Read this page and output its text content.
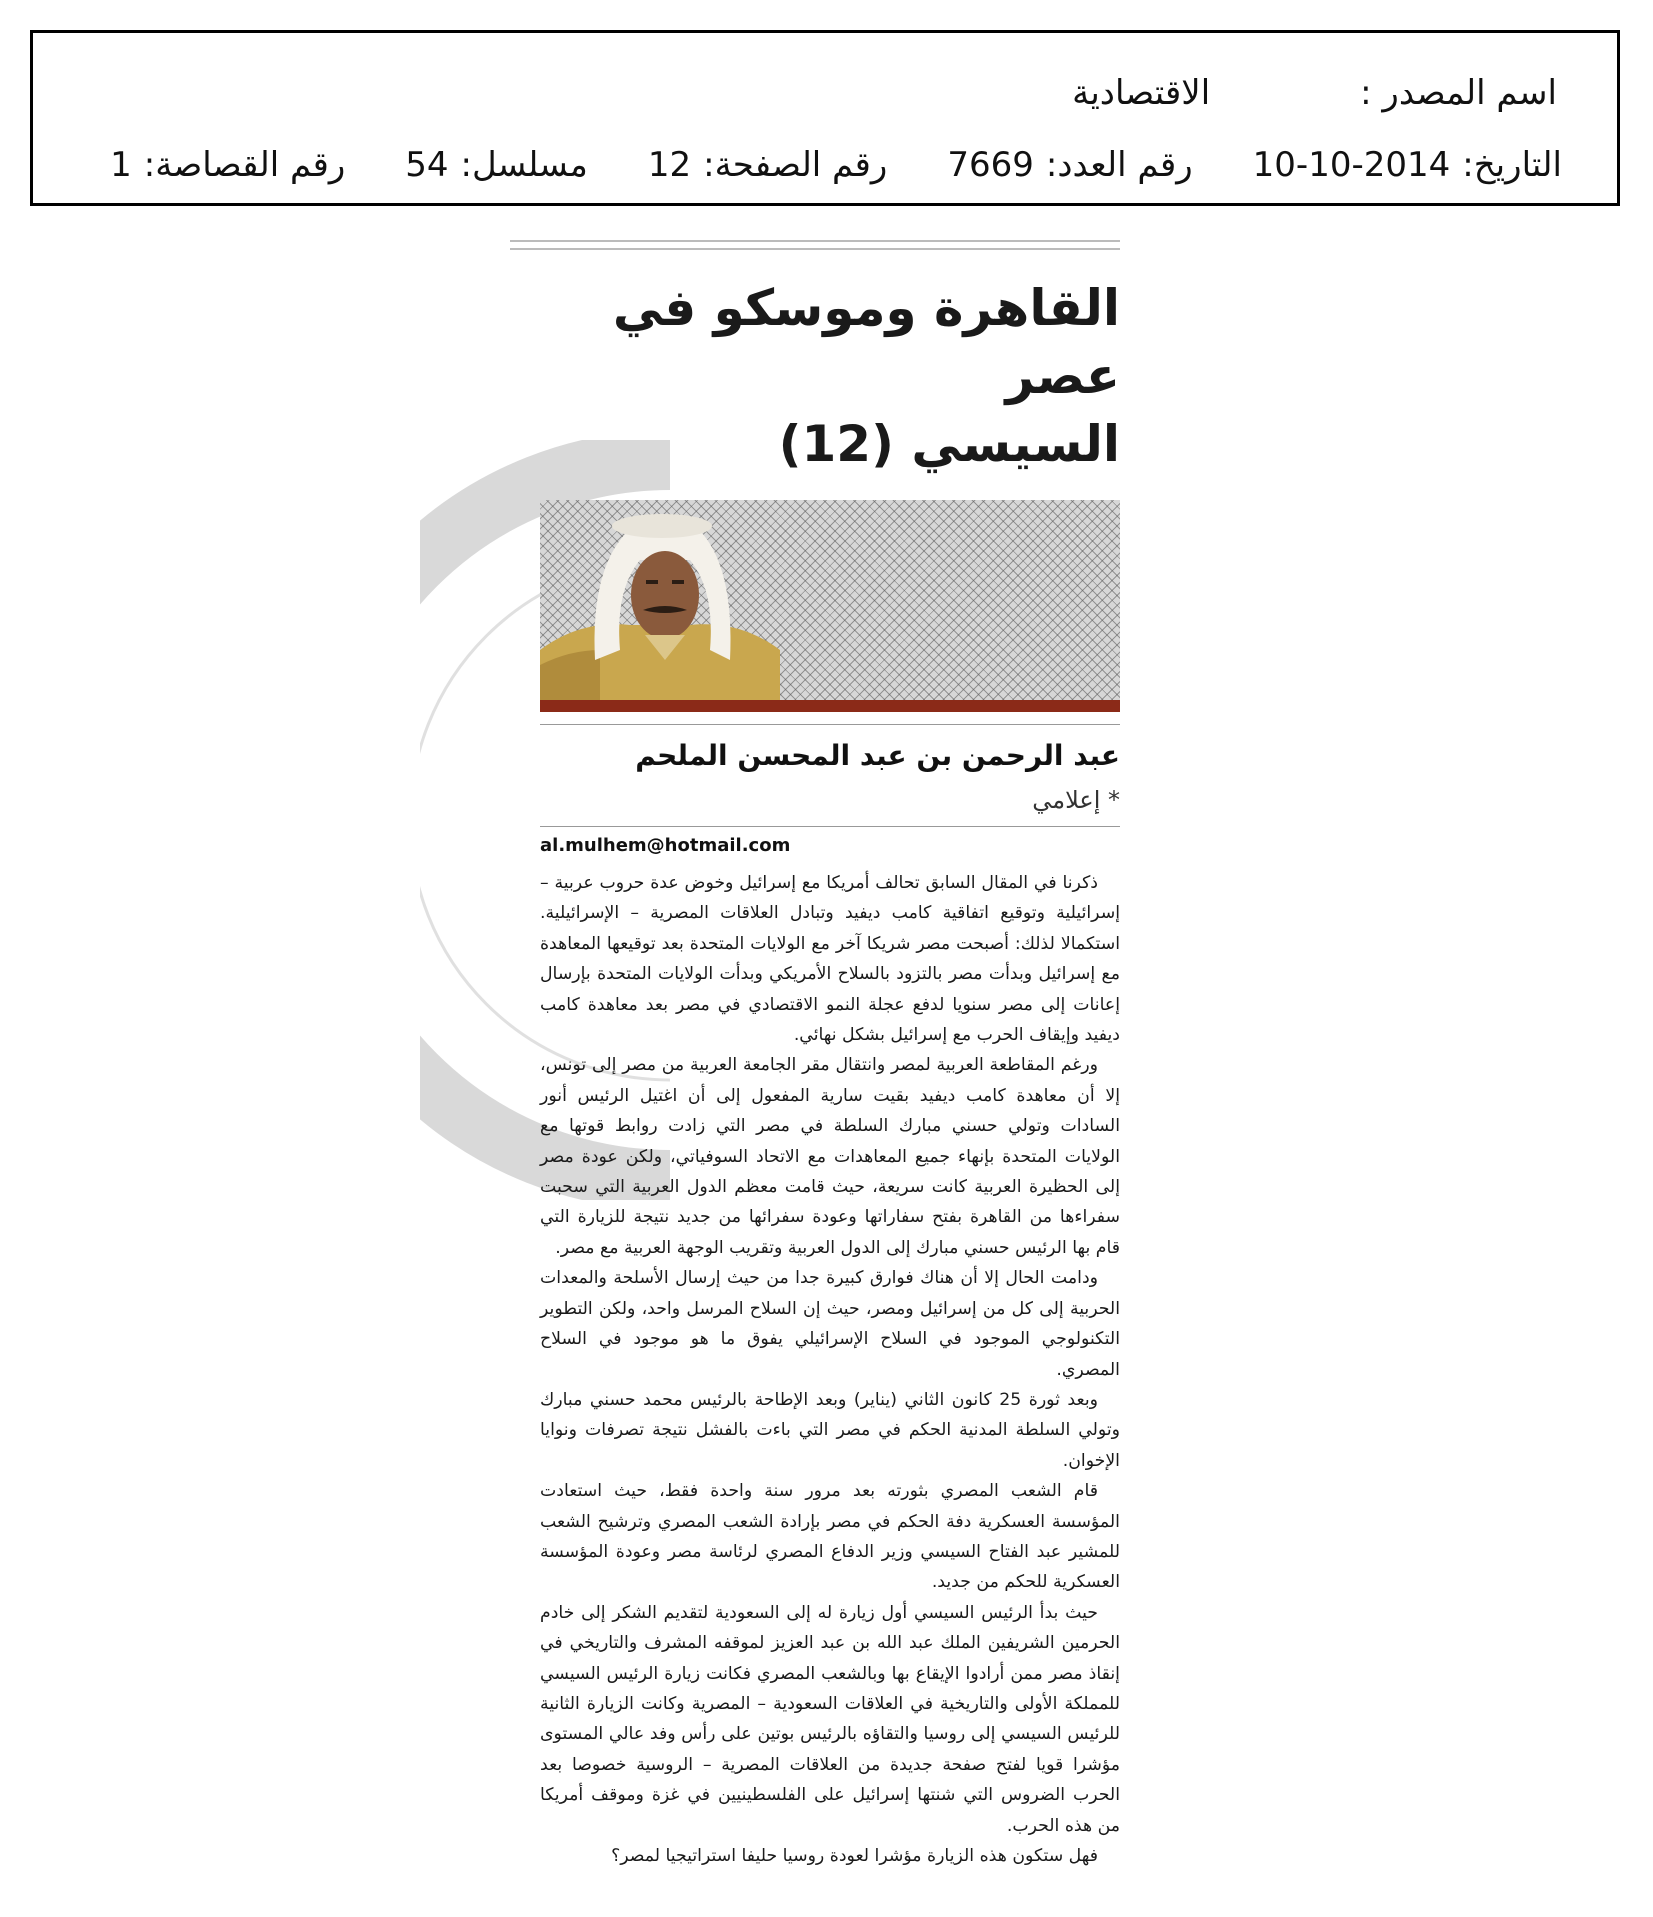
اسم المصدر :
الاقتصادية
التاريخ:2014-10-10
رقم العدد:7669
رقم الصفحة:12
مسلسل:54
رقم القصاصة:1
القاهرة وموسكو في عصر
السيسي (12)
عبد الرحمن بن عبد المحسن الملحم
* إعلامي
al.mulhem@hotmail.com

ذكرنا في المقال السابق تحالف أمريكا مع إسرائيل وخوض عدة حروب عربية – إسرائيلية وتوقيع اتفاقية كامب ديفيد وتبادل العلاقات المصرية – الإسرائيلية. استكمالا لذلك: أصبحت مصر شريكا آخر مع الولايات المتحدة بعد توقيعها المعاهدة مع إسرائيل وبدأت مصر بالتزود بالسلاح الأمريكي وبدأت الولايات المتحدة بإرسال إعانات إلى مصر سنويا لدفع عجلة النمو الاقتصادي في مصر بعد معاهدة كامب ديفيد وإيقاف الحرب مع إسرائيل بشكل نهائي.

ورغم المقاطعة العربية لمصر وانتقال مقر الجامعة العربية من مصر إلى تونس، إلا أن معاهدة كامب ديفيد بقيت سارية المفعول إلى أن اغتيل الرئيس أنور السادات وتولي حسني مبارك السلطة في مصر التي زادت روابط قوتها مع الولايات المتحدة بإنهاء جميع المعاهدات مع الاتحاد السوفياتي، ولكن عودة مصر إلى الحظيرة العربية كانت سريعة، حيث قامت معظم الدول العربية التي سحبت سفراءها من القاهرة بفتح سفاراتها وعودة سفرائها من جديد نتيجة للزيارة التي قام بها الرئيس حسني مبارك إلى الدول العربية وتقريب الوجهة العربية مع مصر.

ودامت الحال إلا أن هناك فوارق كبيرة جدا من حيث إرسال الأسلحة والمعدات الحربية إلى كل من إسرائيل ومصر، حيث إن السلاح المرسل واحد، ولكن التطوير التكنولوجي الموجود في السلاح الإسرائيلي يفوق ما هو موجود في السلاح المصري.

وبعد ثورة 25 كانون الثاني (يناير) وبعد الإطاحة بالرئيس محمد حسني مبارك وتولي السلطة المدنية الحكم في مصر التي باءت بالفشل نتيجة تصرفات ونوايا الإخوان.

قام الشعب المصري بثورته بعد مرور سنة واحدة فقط، حيث استعادت المؤسسة العسكرية دفة الحكم في مصر بإرادة الشعب المصري وترشيح الشعب للمشير عبد الفتاح السيسي وزير الدفاع المصري لرئاسة مصر وعودة المؤسسة العسكرية للحكم من جديد.

حيث بدأ الرئيس السيسي أول زيارة له إلى السعودية لتقديم الشكر إلى خادم الحرمين الشريفين الملك عبد الله بن عبد العزيز لموقفه المشرف والتاريخي في إنقاذ مصر ممن أرادوا الإيقاع بها وبالشعب المصري فكانت زيارة الرئيس السيسي للمملكة الأولى والتاريخية في العلاقات السعودية – المصرية وكانت الزيارة الثانية للرئيس السيسي إلى روسيا والتقاؤه بالرئيس بوتين على رأس وفد عالي المستوى مؤشرا قويا لفتح صفحة جديدة من العلاقات المصرية – الروسية خصوصا بعد الحرب الضروس التي شنتها إسرائيل على الفلسطينيين في غزة وموقف أمريكا من هذه الحرب.

فهل ستكون هذه الزيارة مؤشرا لعودة روسيا حليفا استراتيجيا لمصر؟
